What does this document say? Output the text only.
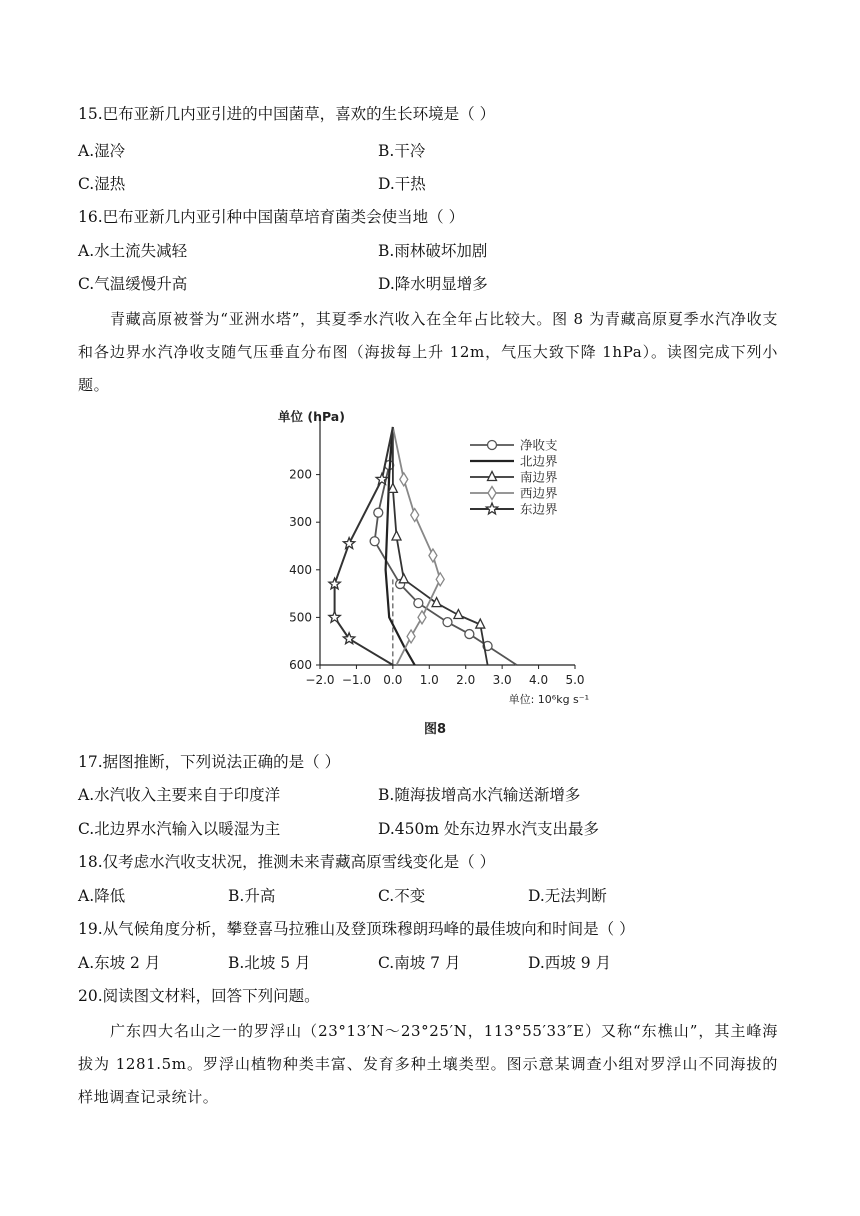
15.巴布亚新几内亚引进的中国菌草，喜欢的生长环境是（ ）
A.湿冷	B.干冷
C.湿热	D.干热
16.巴布亚新几内亚引种中国菌草培育菌类会使当地（ ）
A.水土流失减轻	B.雨林破坏加剧
C.气温缓慢升高	D.降水明显增多
青藏高原被誉为“亚洲水塔”，其夏季水汽收入在全年占比较大。图 8 为青藏高原夏季水汽净收支和各边界水汽净收支随气压垂直分布图（海拔每上升 12m，气压大致下降 1hPa）。读图完成下列小题。
200
300
400
500
600
−2.0 −1.0 0.0 1.0 2.0 3.0 4.0 5.0
单位 (hPa)
单位: 10⁶kg s⁻¹
图8
净收支
北边界
南边界
西边界
东边界
17.据图推断，下列说法正确的是（ ）
A.水汽收入主要来自于印度洋	B.随海拔增高水汽输送渐增多
C.北边界水汽输入以暖湿为主	D.450m 处东边界水汽支出最多
18.仅考虑水汽收支状况，推测未来青藏高原雪线变化是（ ）
A.降低	B.升高	C.不变	D.无法判断
19.从气候角度分析，攀登喜马拉雅山及登顶珠穆朗玛峰的最佳坡向和时间是（ ）
A.东坡 2 月	B.北坡 5 月	C.南坡 7 月	D.西坡 9 月
20.阅读图文材料，回答下列问题。
广东四大名山之一的罗浮山（23°13′N～23°25′N，113°55′33″E）又称“东樵山”，其主峰海拔为 1281.5m。罗浮山植物种类丰富、发育多种土壤类型。图示意某调查小组对罗浮山不同海拔的样地调查记录统计。
